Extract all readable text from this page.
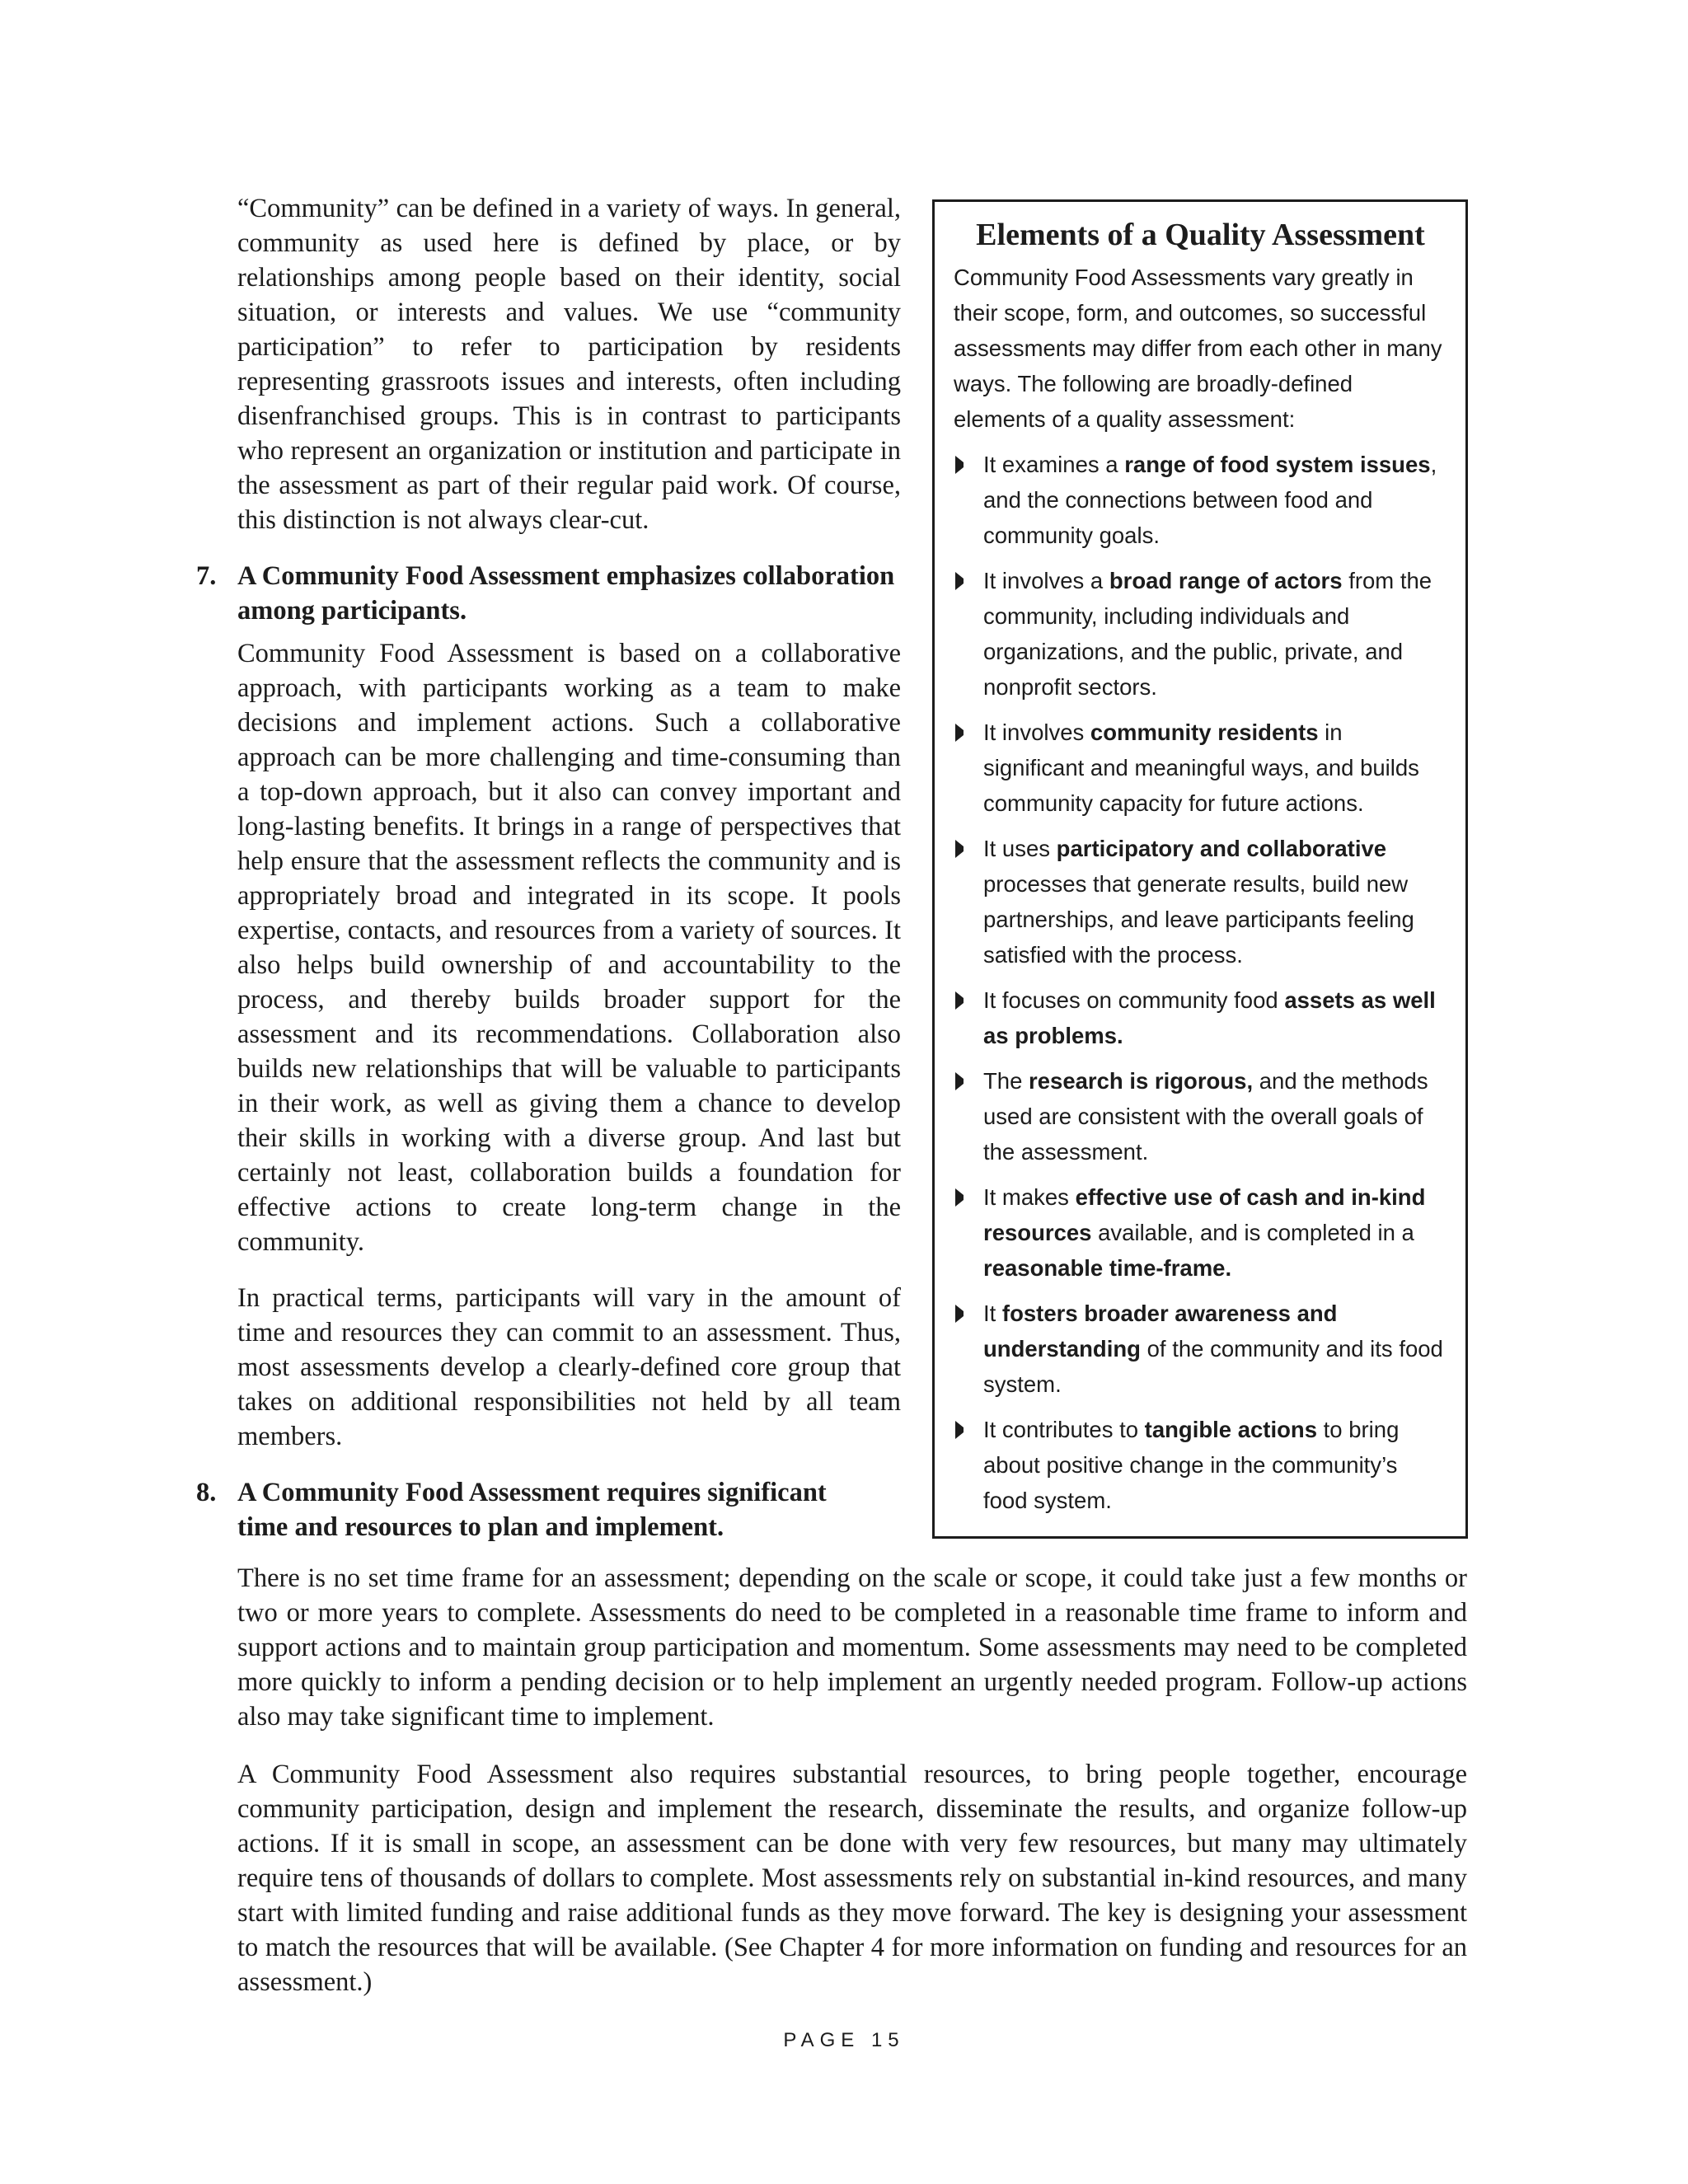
“Community” can be defined in a variety of ways. In general, community as used here is defined by place, or by relationships among people based on their identity, social situation, or interests and values. We use “community participation” to refer to participation by residents representing grassroots issues and interests, often including disenfranchised groups. This is in contrast to participants who represent an organization or institution and participate in the assessment as part of their regular paid work. Of course, this distinction is not always clear-cut.

7. A Community Food Assessment emphasizes collaboration among participants.

Community Food Assessment is based on a collaborative approach, with participants working as a team to make decisions and implement actions. Such a collaborative approach can be more challenging and time-consuming than a top-down approach, but it also can convey important and long-lasting benefits. It brings in a range of perspectives that help ensure that the assessment reflects the community and is appropriately broad and integrated in its scope. It pools expertise, contacts, and resources from a variety of sources. It also helps build ownership of and accountability to the process, and thereby builds broader support for the assessment and its recommendations. Collaboration also builds new relationships that will be valuable to participants in their work, as well as giving them a chance to develop their skills in working with a diverse group. And last but certainly not least, collaboration builds a foundation for effective actions to create long-term change in the community.

In practical terms, participants will vary in the amount of time and resources they can commit to an assessment. Thus, most assessments develop a clearly-defined core group that takes on additional responsibilities not held by all team members.

8. A Community Food Assessment requires significant time and resources to plan and implement.

There is no set time frame for an assessment; depending on the scale or scope, it could take just a few months or two or more years to complete. Assessments do need to be completed in a reasonable time frame to inform and support actions and to maintain group participation and momentum. Some assessments may need to be completed more quickly to inform a pending decision or to help implement an urgently needed program. Follow-up actions also may take significant time to implement.

A Community Food Assessment also requires substantial resources, to bring people together, encourage community participation, design and implement the research, disseminate the results, and organize follow-up actions. If it is small in scope, an assessment can be done with very few resources, but many may ultimately require tens of thousands of dollars to complete. Most assessments rely on substantial in-kind resources, and many start with limited funding and raise additional funds as they move forward. The key is designing your assessment to match the resources that will be available. (See Chapter 4 for more information on funding and resources for an assessment.)

Elements of a Quality Assessment

Community Food Assessments vary greatly in their scope, form, and outcomes, so successful assessments may differ from each other in many ways. The following are broadly-defined elements of a quality assessment:

It examines a range of food system issues, and the connections between food and community goals.
It involves a broad range of actors from the community, including individuals and organizations, and the public, private, and nonprofit sectors.
It involves community residents in significant and meaningful ways, and builds community capacity for future actions.
It uses participatory and collaborative processes that generate results, build new partnerships, and leave participants feeling satisfied with the process.
It focuses on community food assets as well as problems.
The research is rigorous, and the methods used are consistent with the overall goals of the assessment.
It makes effective use of cash and in-kind resources available, and is completed in a reasonable time-frame.
It fosters broader awareness and understanding of the community and its food system.
It contributes to tangible actions to bring about positive change in the community’s food system.
PAGE 15
